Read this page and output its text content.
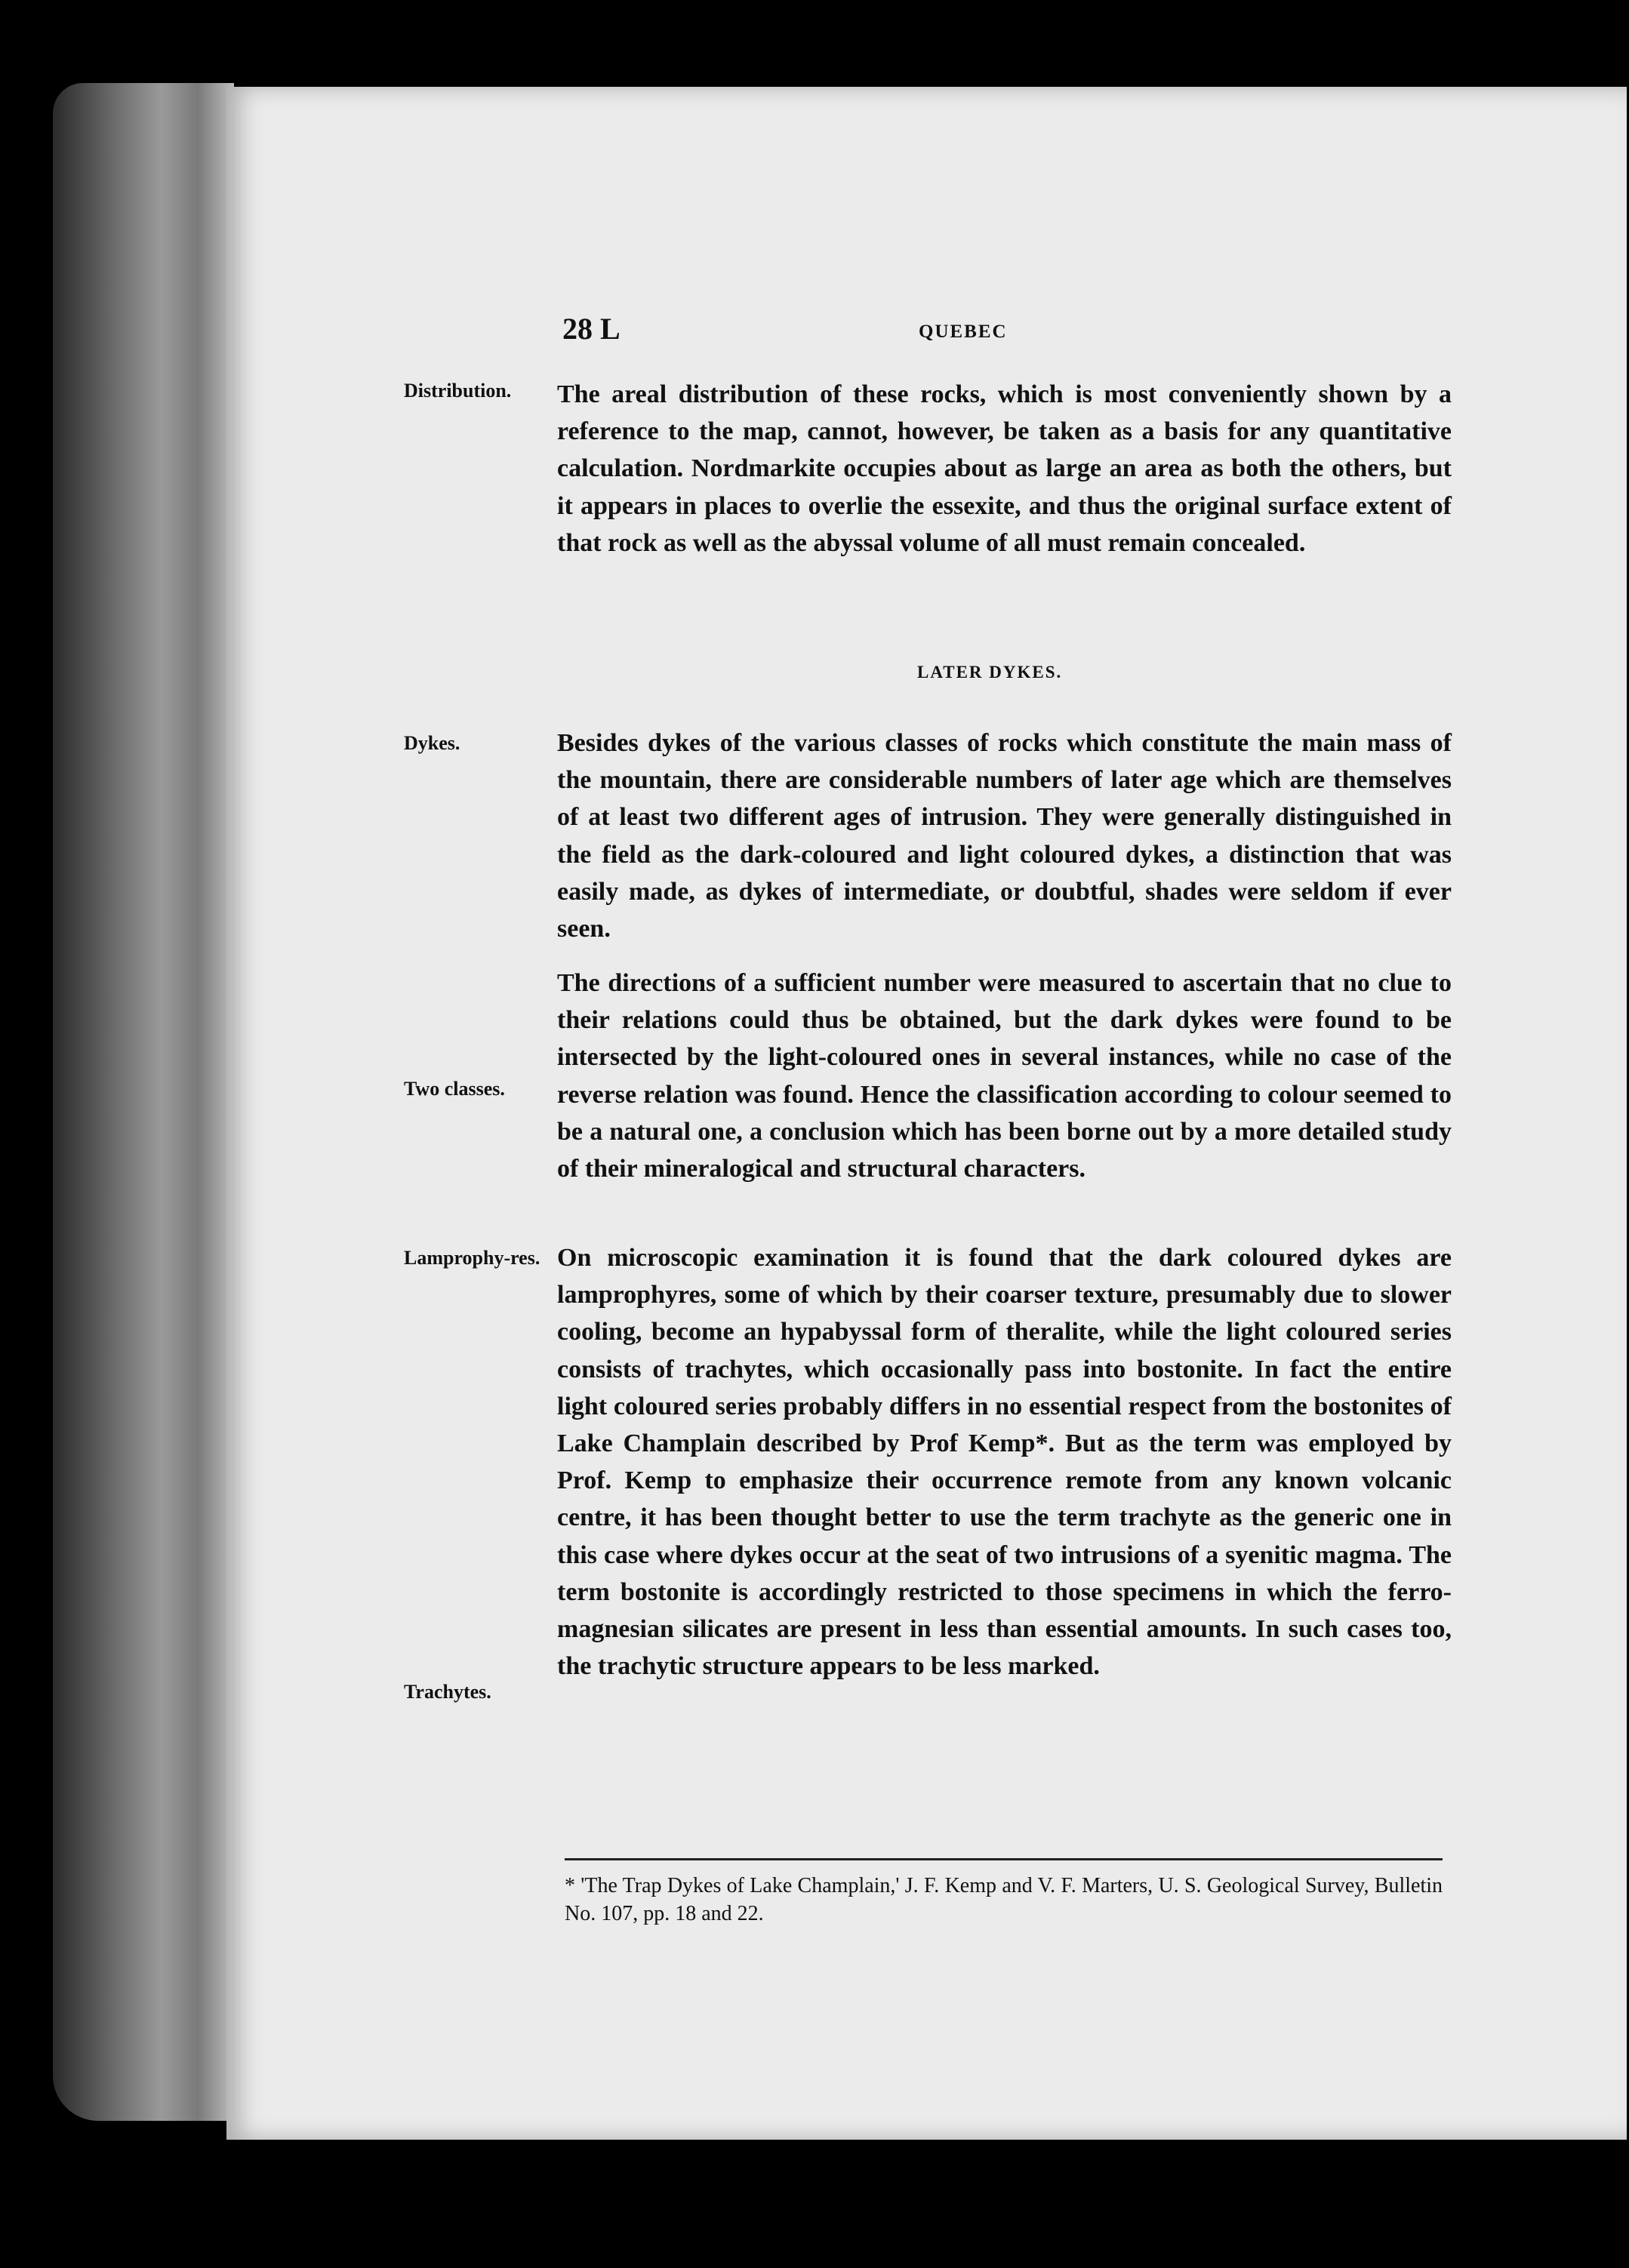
28 L	QUEBEC
Distribution.	The areal distribution of these rocks, which is most conveniently shown by a reference to the map, cannot, however, be taken as a basis for any quantitative calculation. Nordmarkite occupies about as large an area as both the others, but it appears in places to overlie the essexite, and thus the original surface extent of that rock as well as the abyssal volume of all must remain concealed.

LATER DYKES.
Dykes.	Besides dykes of the various classes of rocks which constitute the main mass of the mountain, there are considerable numbers of later age which are themselves of at least two different ages of intrusion. They were generally distinguished in the field as the dark-coloured and light coloured dykes, a distinction that was easily made, as dykes of intermediate, or doubtful, shades were seldom if ever seen.

Two classes.

The directions of a sufficient number were measured to ascertain that no clue to their relations could thus be obtained, but the dark dykes were found to be intersected by the light-coloured ones in several instances, while no case of the reverse relation was found. Hence the classification according to colour seemed to be a natural one, a conclusion which has been borne out by a more detailed study of their mineralogical and structural characters.

Lamprophy-res.
Trachytes.

On microscopic examination it is found that the dark coloured dykes are lamprophyres, some of which by their coarser texture, presumably due to slower cooling, become an hypabyssal form of theralite, while the light coloured series consists of trachytes, which occasionally pass into bostonite. In fact the entire light coloured series probably differs in no essential respect from the bostonites of Lake Champlain described by Prof Kemp*. But as the term was employed by Prof. Kemp to emphasize their occurrence remote from any known volcanic centre, it has been thought better to use the term trachyte as the generic one in this case where dykes occur at the seat of two intrusions of a syenitic magma. The term bostonite is accordingly restricted to those specimens in which the ferro-magnesian silicates are present in less than essential amounts. In such cases too, the trachytic structure appears to be less marked.

* 'The Trap Dykes of Lake Champlain,' J. F. Kemp and V. F. Marters, U. S. Geological Survey, Bulletin No. 107, pp. 18 and 22.
